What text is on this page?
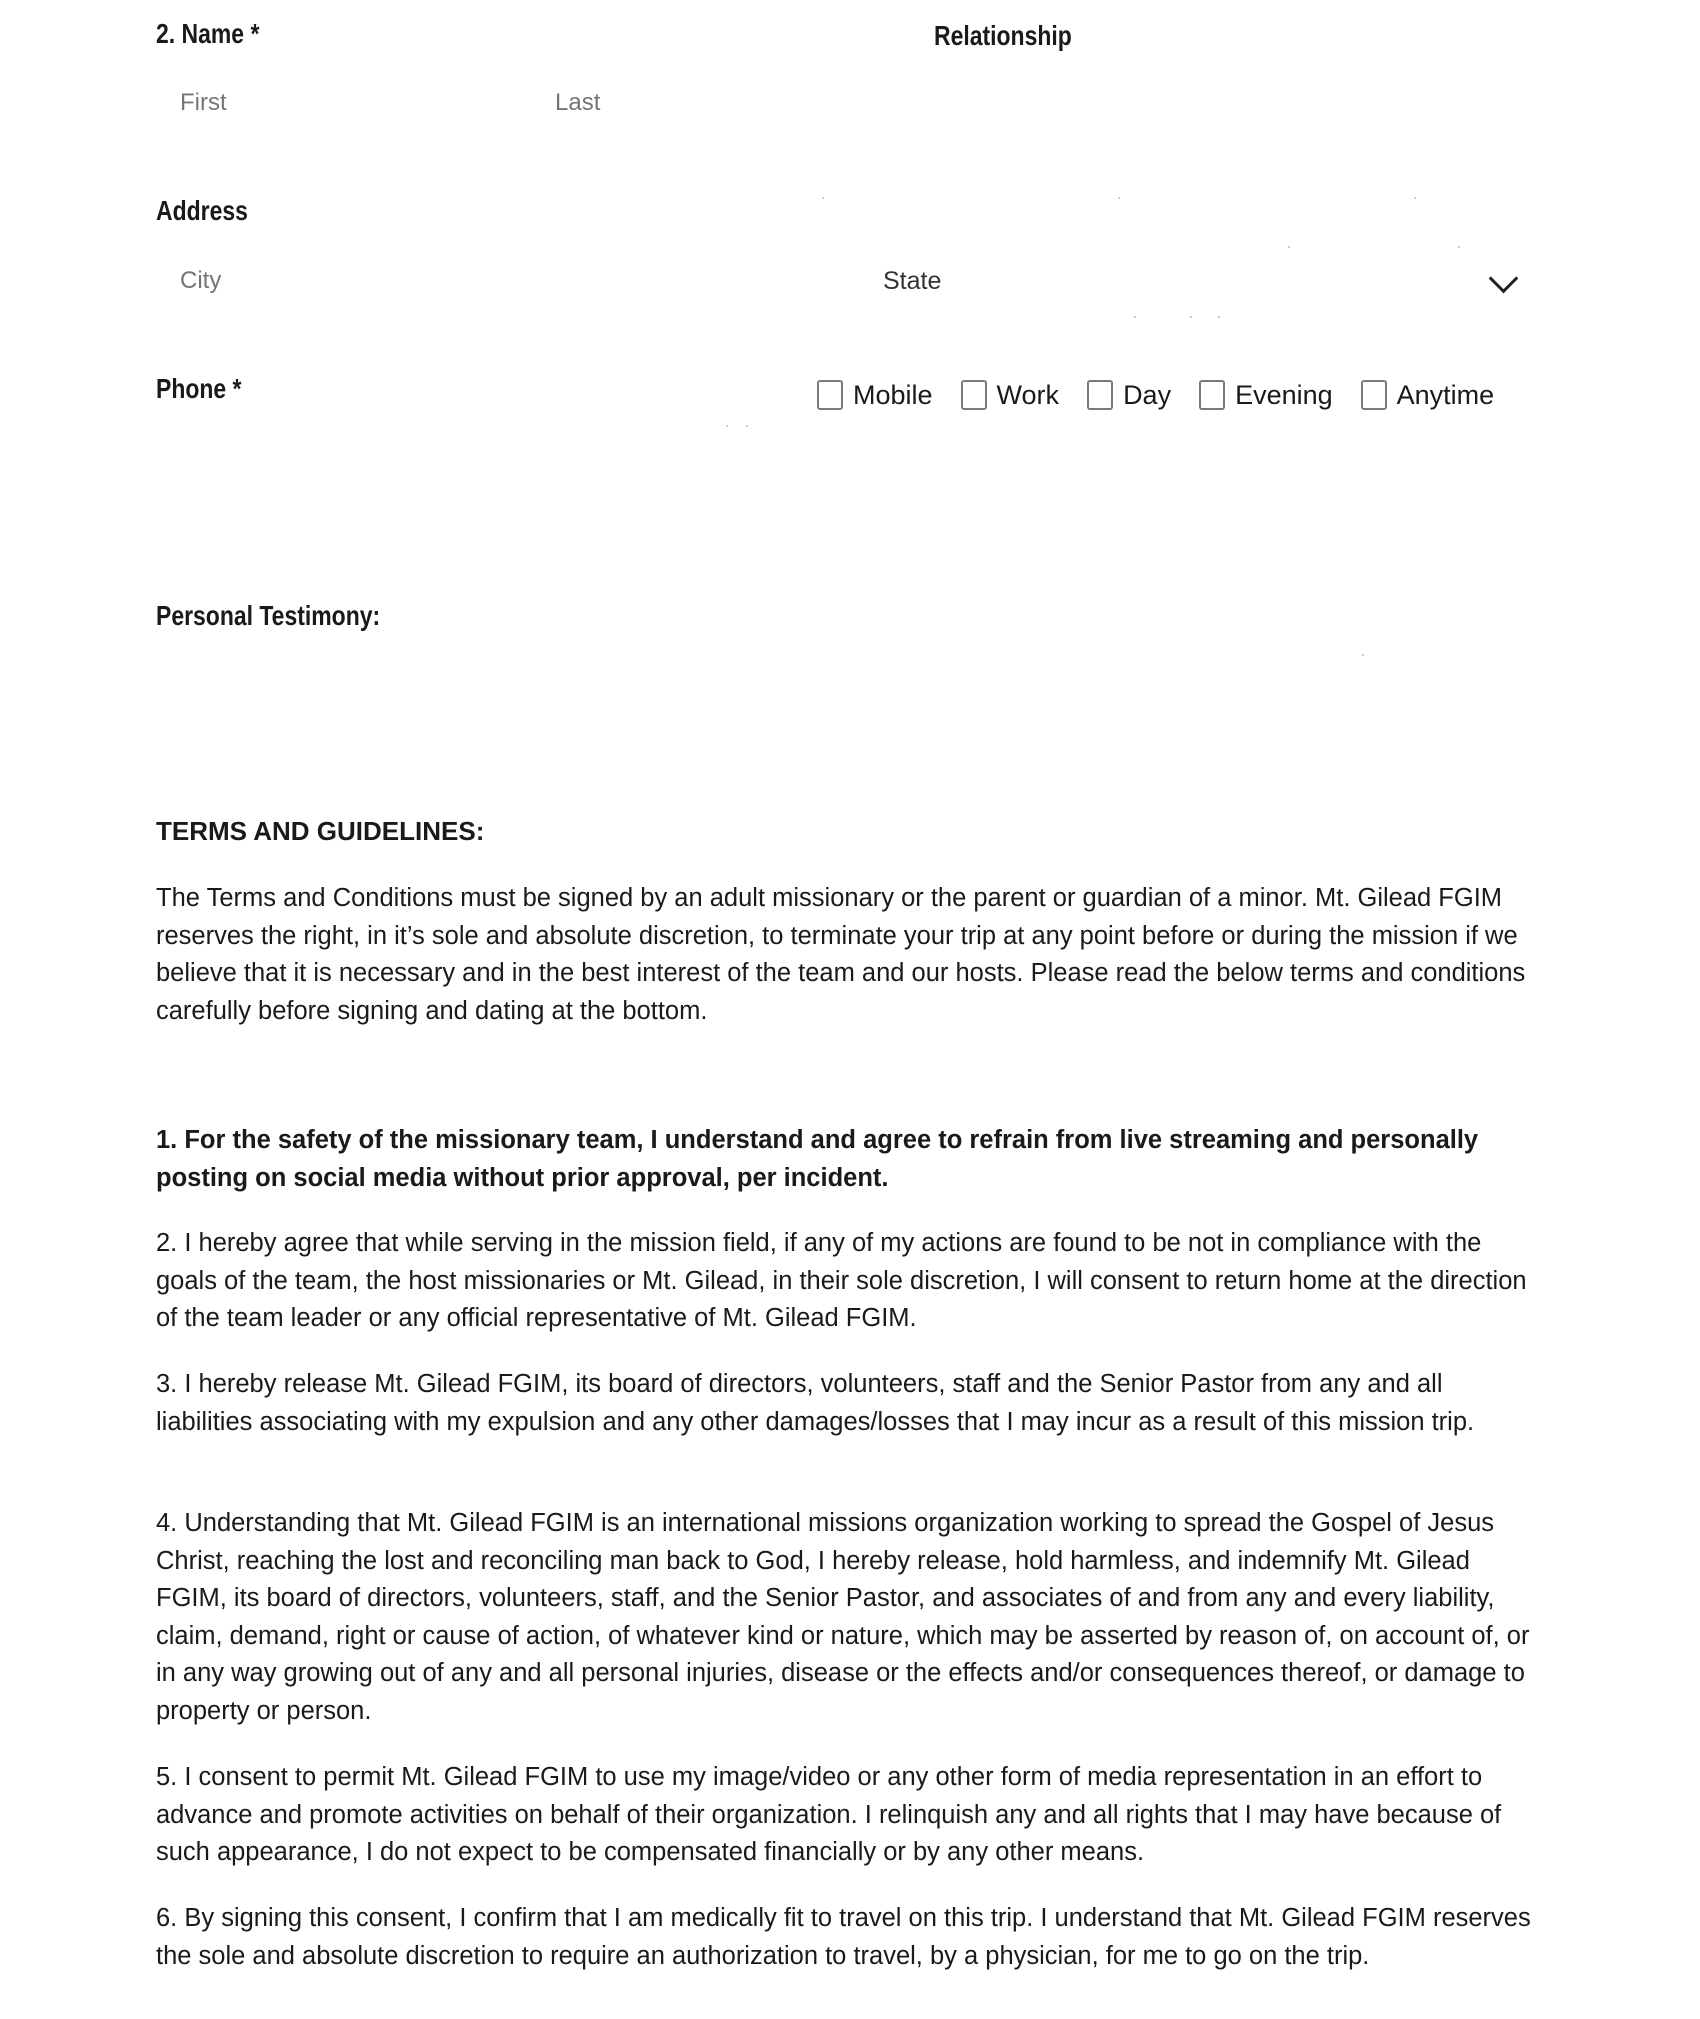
2. Name *	Relationship
First
Last
Address
City
State
Phone *	Mobile Work Day Evening Anytime
Personal Testimony:
TERMS AND GUIDELINES:

The Terms and Conditions must be signed by an adult missionary or the parent or guardian of a minor. Mt. Gilead FGIM reserves the right, in it’s sole and absolute discretion, to terminate your trip at any point before or during the mission if we believe that it is necessary and in the best interest of the team and our hosts. Please read the below terms and conditions carefully before signing and dating at the bottom.

1. For the safety of the missionary team, I understand and agree to refrain from live streaming and personally posting on social media without prior approval, per incident.

2. I hereby agree that while serving in the mission field, if any of my actions are found to be not in compliance with the goals of the team, the host missionaries or Mt. Gilead, in their sole discretion, I will consent to return home at the direction of the team leader or any official representative of Mt. Gilead FGIM.

3. I hereby release Mt. Gilead FGIM, its board of directors, volunteers, staff and the Senior Pastor from any and all liabilities associating with my expulsion and any other damages/losses that I may incur as a result of this mission trip.

4. Understanding that Mt. Gilead FGIM is an international missions organization working to spread the Gospel of Jesus Christ, reaching the lost and reconciling man back to God, I hereby release, hold harmless, and indemnify Mt. Gilead FGIM, its board of directors, volunteers, staff, and the Senior Pastor, and associates of and from any and every liability, claim, demand, right or cause of action, of whatever kind or nature, which may be asserted by reason of, on account of, or in any way growing out of any and all personal injuries, disease or the effects and/or consequences thereof, or damage to property or person.

5. I consent to permit Mt. Gilead FGIM to use my image/video or any other form of media representation in an effort to advance and promote activities on behalf of their organization. I relinquish any and all rights that I may have because of such appearance, I do not expect to be compensated financially or by any other means.

6. By signing this consent, I confirm that I am medically fit to travel on this trip. I understand that Mt. Gilead FGIM reserves the sole and absolute discretion to require an authorization to travel, by a physician, for me to go on the trip.
